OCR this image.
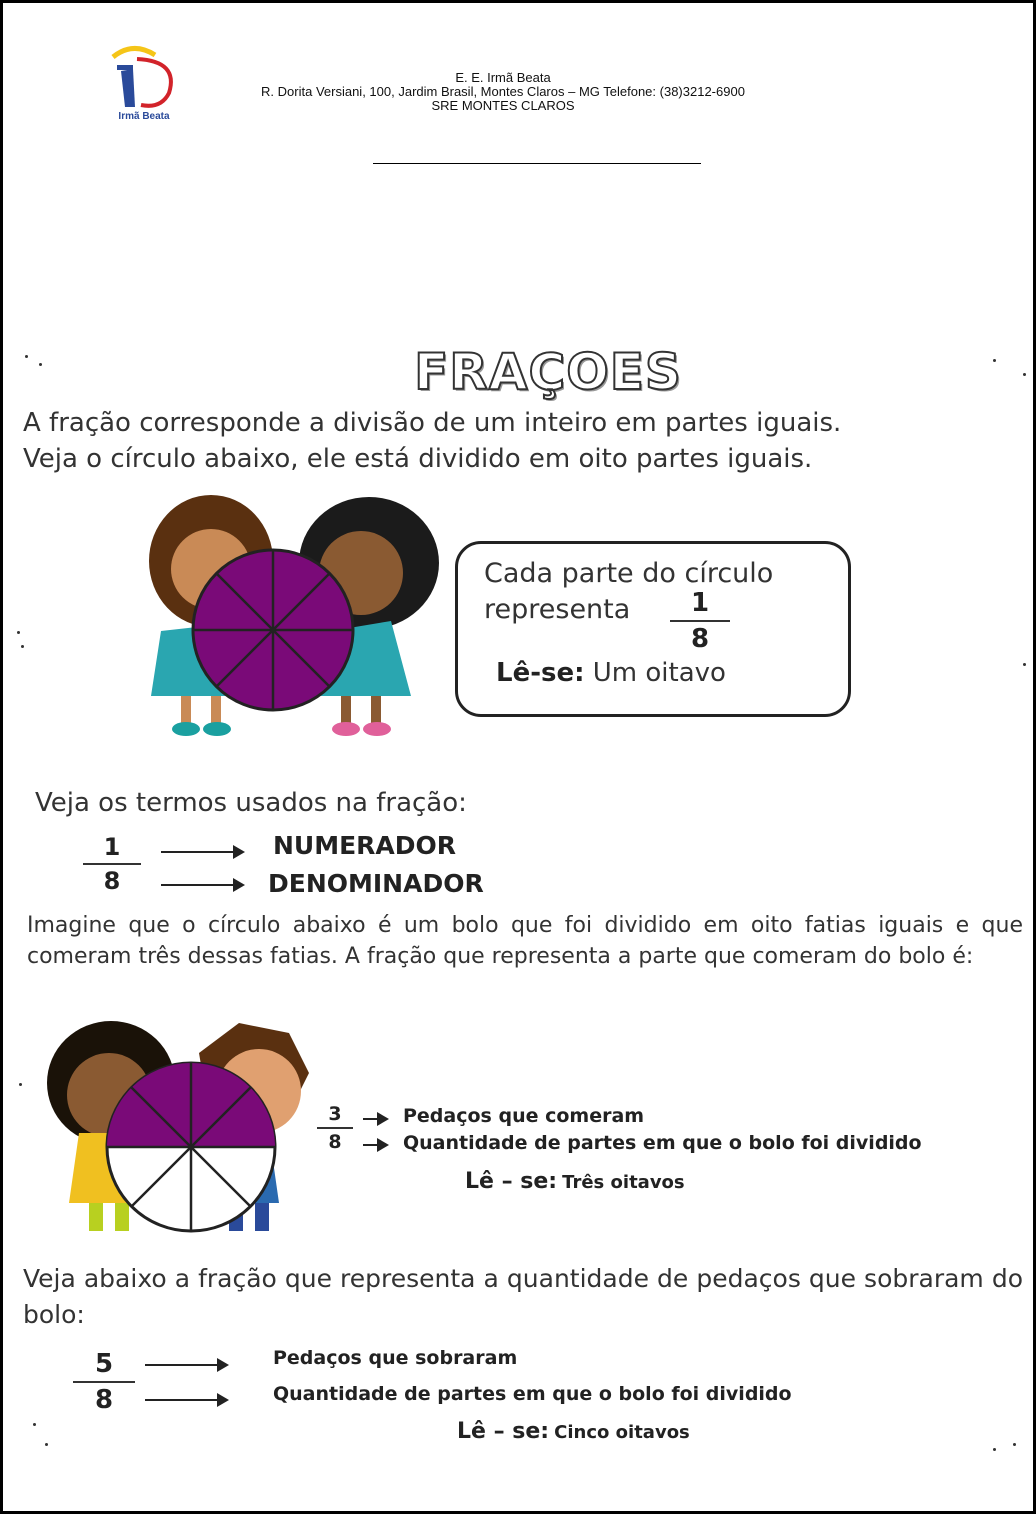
Irmã Beata
E. E. Irmã Beata
R. Dorita Versiani, 100, Jardim Brasil, Montes Claros – MG Telefone: (38)3212-6900
SRE MONTES CLAROS
FRAÇOES
A fração corresponde a divisão de um inteiro em partes iguais.
Veja o círculo abaixo, ele está dividido em oito partes iguais.
Cada parte do círculo
representa	1
8
Lê-se: Um oitavo
Veja os termos usados na fração:
1
8
NUMERADOR
DENOMINADOR
Imagine que o círculo abaixo é um bolo que foi dividido em oito fatias iguais e que comeram três dessas fatias. A fração que representa a parte que comeram do bolo é:
3
8
Pedaços que comeram
Quantidade de partes em que o bolo foi dividido
Lê – se: Três oitavos
Veja abaixo a fração que representa a quantidade de pedaços que sobraram do bolo:
5
8
Pedaços que sobraram
Quantidade de partes em que o bolo foi dividido
Lê – se: Cinco oitavos
